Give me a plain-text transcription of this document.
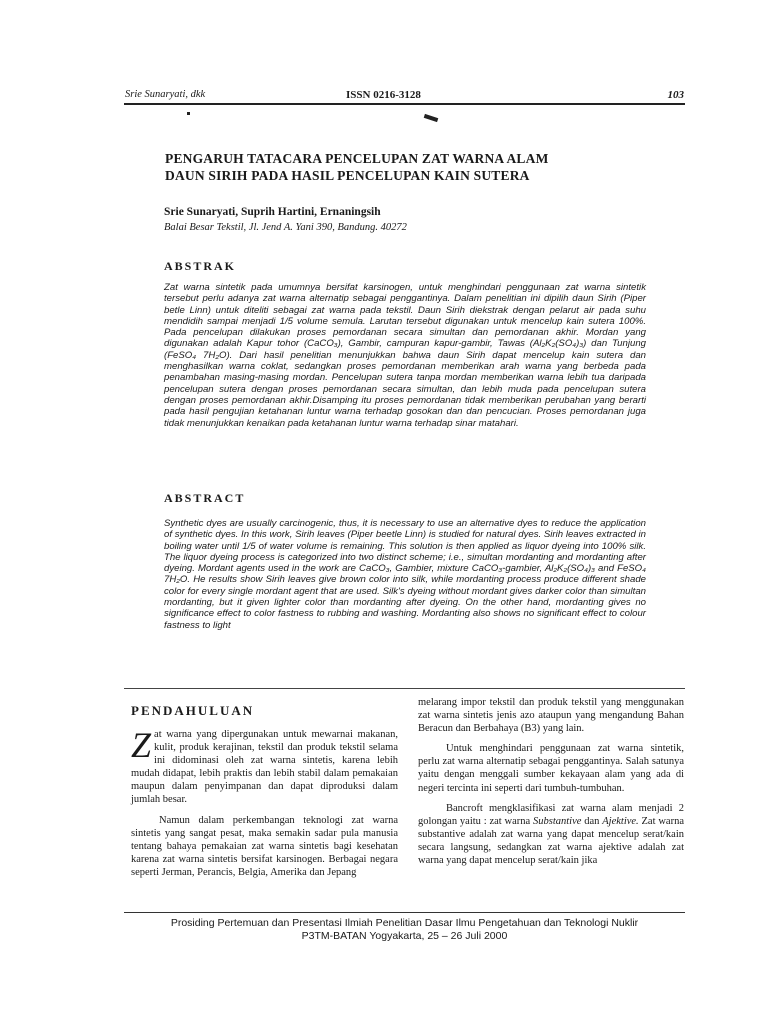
Srie Sunaryati, dkk	ISSN 0216-3128	103
PENGARUH TATACARA PENCELUPAN ZAT WARNA ALAM
DAUN SIRIH PADA HASIL PENCELUPAN KAIN SUTERA
Srie Sunaryati, Suprih Hartini, Ernaningsih
Balai Besar Tekstil, Jl. Jend A. Yani 390, Bandung. 40272
ABSTRAK
Zat warna sintetik pada umumnya bersifat karsinogen, untuk menghindari penggunaan zat warna sintetik tersebut perlu adanya zat warna alternatip sebagai penggantinya. Dalam penelitian ini dipilih daun Sirih (Piper betle Linn) untuk diteliti sebagai zat warna pada tekstil. Daun Sirih diekstrak dengan pelarut air pada suhu mendidih sampai menjadi 1/5 volume semula. Larutan tersebut digunakan untuk mencelup kain sutera 100%. Pada pencelupan dilakukan proses pemordanan secara simultan dan pemordanan akhir. Mordan yang digunakan adalah Kapur tohor (CaCO₃), Gambir, campuran kapur-gambir, Tawas (Al₂K₂(SO₄)₃) dan Tunjung (FeSO₄ 7H₂O). Dari hasil penelitian menunjukkan bahwa daun Sirih dapat mencelup kain sutera dan menghasilkan warna coklat, sedangkan proses pemordanan memberikan arah warna yang berbeda pada penambahan masing-masing mordan. Pencelupan sutera tanpa mordan memberikan warna lebih tua daripada pencelupan sutera dengan proses pemordanan secara simultan, dan lebih muda pada pencelupan sutera dengan proses pemordanan akhir.Disamping itu proses pemordanan tidak memberikan perubahan yang berarti pada hasil pengujian ketahanan luntur warna terhadap gosokan dan dan pencucian. Proses pemordanan juga tidak menunjukkan kenaikan pada ketahanan luntur warna terhadap sinar matahari.
ABSTRACT
Synthetic dyes are usually carcinogenic, thus, it is necessary to use an alternative dyes to reduce the application of synthetic dyes. In this work, Sirih leaves (Piper beetle Linn) is studied for natural dyes. Sirih leaves extracted in boiling water until 1/5 of water volume is remaining. This solution is then applied as liquor dyeing into 100% silk. The liquor dyeing process is categorized into two distinct scheme; i.e., simultan mordanting and mordanting after dyeing. Mordant agents used in the work are CaCO₃, Gambier, mixture CaCO₃-gambier, Al₂K₂(SO₄)₃ and FeSO₄ 7H₂O. He results show Sirih leaves give brown color into silk, while mordanting process produce different shade color for every single mordant agent that are used. Silk's dyeing without mordant gives darker color than simultan mordanting, but it given lighter color than mordanting after dyeing. On the other hand, mordanting gives no significance effect to color fastness to rubbing and washing. Mordanting also shows no significant effect to colour fastness to light
PENDAHULUAN

Zat warna yang dipergunakan untuk mewarnai makanan, kulit, produk kerajinan, tekstil dan produk tekstil selama ini didominasi oleh zat warna sintetis, karena lebih mudah didapat, lebih praktis dan lebih stabil dalam pemakaian maupun dalam penyimpanan dan dapat diproduksi dalam jumlah besar.

Namun dalam perkembangan teknologi zat warna sintetis yang sangat pesat, maka semakin sadar pula manusia tentang bahaya pemakaian zat warna sintetis bagi kesehatan karena zat warna sintetis bersifat karsinogen. Berbagai negara seperti Jerman, Perancis, Belgia, Amerika dan Jepang

melarang impor tekstil dan produk tekstil yang menggunakan zat warna sintetis jenis azo ataupun yang mengandung Bahan Beracun dan Berbahaya (B3) yang lain.

Untuk menghindari penggunaan zat warna sintetik, perlu zat warna alternatip sebagai penggantinya. Salah satunya yaitu dengan menggali sumber kekayaan alam yang ada di negeri tercinta ini seperti dari tumbuh-tumbuhan.

Bancroft mengklasifikasi zat warna alam menjadi 2 golongan yaitu : zat warna Substantive dan Ajektive. Zat warna substantive adalah zat warna yang dapat mencelup serat/kain secara langsung, sedangkan zat warna ajektive adalah zat warna yang dapat mencelup serat/kain jika

Prosiding Pertemuan dan Presentasi Ilmiah Penelitian Dasar Ilmu Pengetahuan dan Teknologi Nuklir
P3TM-BATAN Yogyakarta, 25 – 26 Juli 2000
